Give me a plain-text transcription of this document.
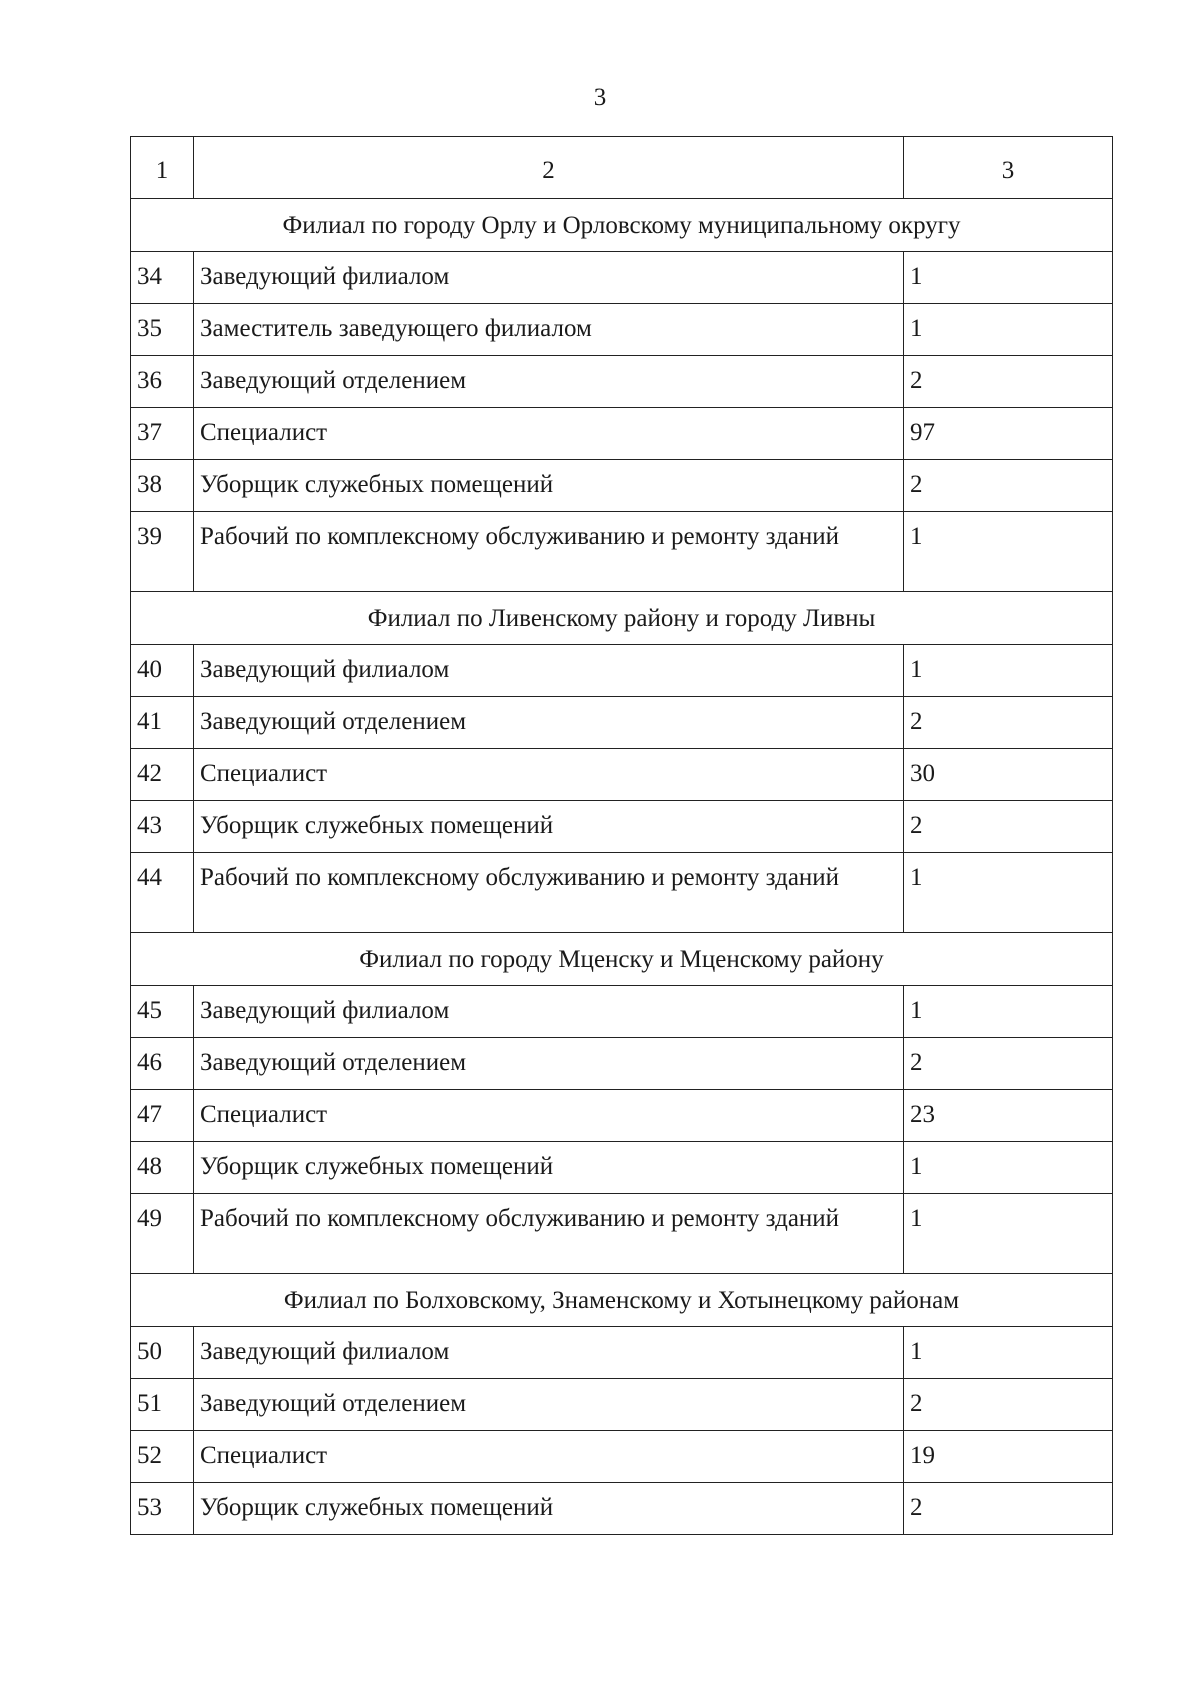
3
1	2	3
Филиал по городу Орлу и Орловскому муниципальному округу		
34	Заведующий филиалом	1
35	Заместитель заведующего филиалом	1
36	Заведующий отделением	2
37	Специалист	97
38	Уборщик служебных помещений	2
39	Рабочий по комплексному обслуживанию и ремонту зданий	1
Филиал по Ливенскому району и городу Ливны		
40	Заведующий филиалом	1
41	Заведующий отделением	2
42	Специалист	30
43	Уборщик служебных помещений	2
44	Рабочий по комплексному обслуживанию и ремонту зданий	1
Филиал по городу Мценску и Мценскому району		
45	Заведующий филиалом	1
46	Заведующий отделением	2
47	Специалист	23
48	Уборщик служебных помещений	1
49	Рабочий по комплексному обслуживанию и ремонту зданий	1
Филиал по Болховскому, Знаменскому и Хотынецкому районам		
50	Заведующий филиалом	1
51	Заведующий отделением	2
52	Специалист	19
53	Уборщик служебных помещений	2
